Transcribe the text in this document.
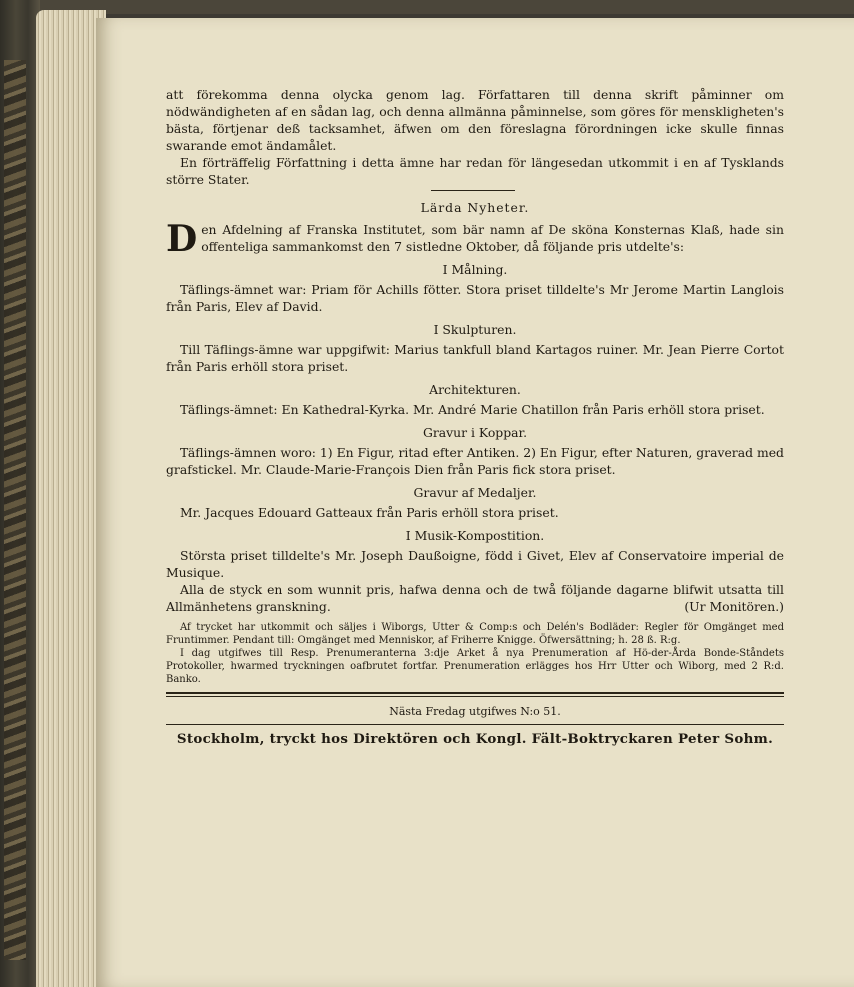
att förekomma denna olycka genom lag. Författaren till denna skrift påminner om nödwändigheten af en sådan lag, och denna allmänna påminnelse, som göres för menskligheten's bästa, förtjenar deß tacksamhet, äfwen om den föreslagna förordningen icke skulle finnas swarande emot ändamålet.

En förträffelig Författning i detta ämne har redan för längesedan utkommit i en af Tysklands större Stater.

Lärda Nyheter.

Den Afdelning af Franska Institutet, som bär namn af De sköna Konsternas Klaß, hade sin offenteliga sammankomst den 7 sistledne Oktober, då följande pris utdelte's:

I Målning.

Täflings-ämnet war: Priam för Achills fötter. Stora priset tilldelte's Mr Jerome Martin Langlois från Paris, Elev af David.

I Skulpturen.

Till Täflings-ämne war uppgifwit: Marius tankfull bland Kartagos ruiner. Mr. Jean Pierre Cortot från Paris erhöll stora priset.

Architekturen.

Täflings-ämnet: En Kathedral-Kyrka. Mr. André Marie Chatillon från Paris erhöll stora priset.

Gravur i Koppar.

Täflings-ämnen woro: 1) En Figur, ritad efter Antiken. 2) En Figur, efter Naturen, graverad med grafstickel. Mr. Claude-Marie-François Dien från Paris fick stora priset.

Gravur af Medaljer.

Mr. Jacques Edouard Gatteaux från Paris erhöll stora priset.

I Musik-Kompostition.

Största priset tilldelte's Mr. Joseph Daußoigne, född i Givet, Elev af Conservatoire imperial de Musique.

Alla de styck en som wunnit pris, hafwa denna och de twå följande dagarne blifwit utsatta till Allmänhetens granskning.	(Ur Monitören.)

Af trycket har utkommit och säljes i Wiborgs, Utter & Comp:s och Delén's Bodläder: Regler för Omgänget med Fruntimmer. Pendant till: Omgänget med Menniskor, af Friherre Knigge. Öfwersättning; h. 28 ß. R:g.

I dag utgifwes till Resp. Prenumeranterna 3:dje Arket å nya Prenumeration af Hö-der-Årda Bonde-Ståndets Protokoller, hwarmed tryckningen oafbrutet fortfar. Prenumeration erlägges hos Hrr Utter och Wiborg, med 2 R:d. Banko.

Nästa Fredag utgifwes N:o 51.
Stockholm, tryckt hos Direktören och Kongl. Fält-Boktryckaren Peter Sohm.
